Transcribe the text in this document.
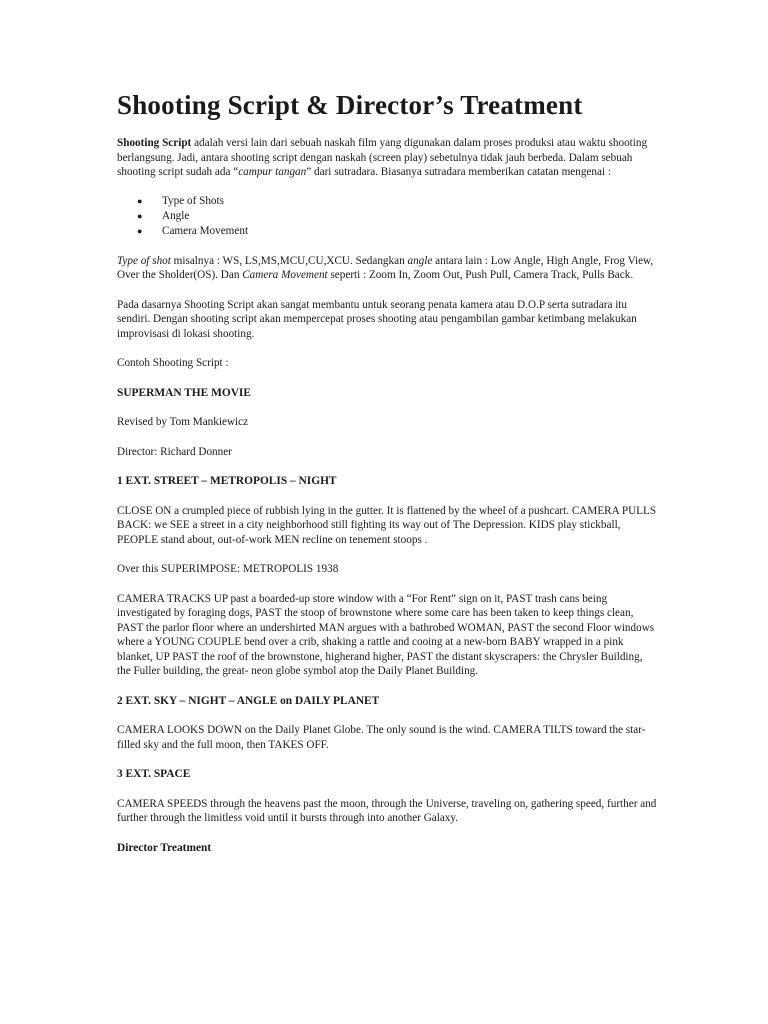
Shooting Script & Director’s Treatment

Shooting Script adalah versi lain dari sebuah naskah film yang digunakan dalam proses produksi atau waktu shooting berlangsung. Jadi, antara shooting script dengan naskah (screen play) sebetulnya tidak jauh berbeda. Dalam sebuah shooting script sudah ada “campur tangan” dari sutradara. Biasanya sutradara memberikan catatan mengenai :

● Type of Shots
● Angle
● Camera Movement

Type of shot misalnya : WS, LS,MS,MCU,CU,XCU. Sedangkan angle antara lain : Low Angle, High Angle, Frog View, Over the Sholder(OS). Dan Camera Movement seperti : Zoom In, Zoom Out, Push Pull, Camera Track, Pulls Back.

Pada dasarnya Shooting Script akan sangat membantu untuk seorang penata kamera atau D.O.P serta sutradara itu sendiri. Dengan shooting script akan mempercepat proses shooting atau pengambilan gambar ketimbang melakukan improvisasi di lokasi shooting.

Contoh Shooting Script :

SUPERMAN THE MOVIE

Revised by Tom Mankiewicz

Director: Richard Donner

1 EXT. STREET – METROPOLIS – NIGHT

CLOSE ON a crumpled piece of rubbish lying in the gutter. It is flattened by the wheel of a pushcart. CAMERA PULLS BACK: we SEE a street in a city neighborhood still fighting its way out of The Depression. KIDS play stickball, PEOPLE stand about, out-of-work MEN recline on tenement stoops .

Over this SUPERIMPOSE: METROPOLIS 1938

CAMERA TRACKS UP past a boarded-up store window with a “For Rent” sign on it, PAST trash cans being investigated by foraging dogs, PAST the stoop of brownstone where some care has been taken to keep things clean, PAST the parlor floor where an undershirted MAN argues with a bathrobed WOMAN, PAST the second Floor windows where a YOUNG COUPLE bend over a crib, shaking a rattle and cooing at a new-born BABY wrapped in a pink blanket, UP PAST the roof of the brownstone, higherand higher, PAST the distant skyscrapers: the Chrysler Building, the Fuller building, the great- neon globe symbol atop the Daily Planet Building.

2 EXT. SKY – NIGHT – ANGLE on DAILY PLANET

CAMERA LOOKS DOWN on the Daily Planet Globe. The only sound is the wind. CAMERA TILTS toward the star-filled sky and the full moon, then TAKES OFF.

3 EXT. SPACE

CAMERA SPEEDS through the heavens past the moon, through the Universe, traveling on, gathering speed, further and further through the limitless void until it bursts through into another Galaxy.

Director Treatment
